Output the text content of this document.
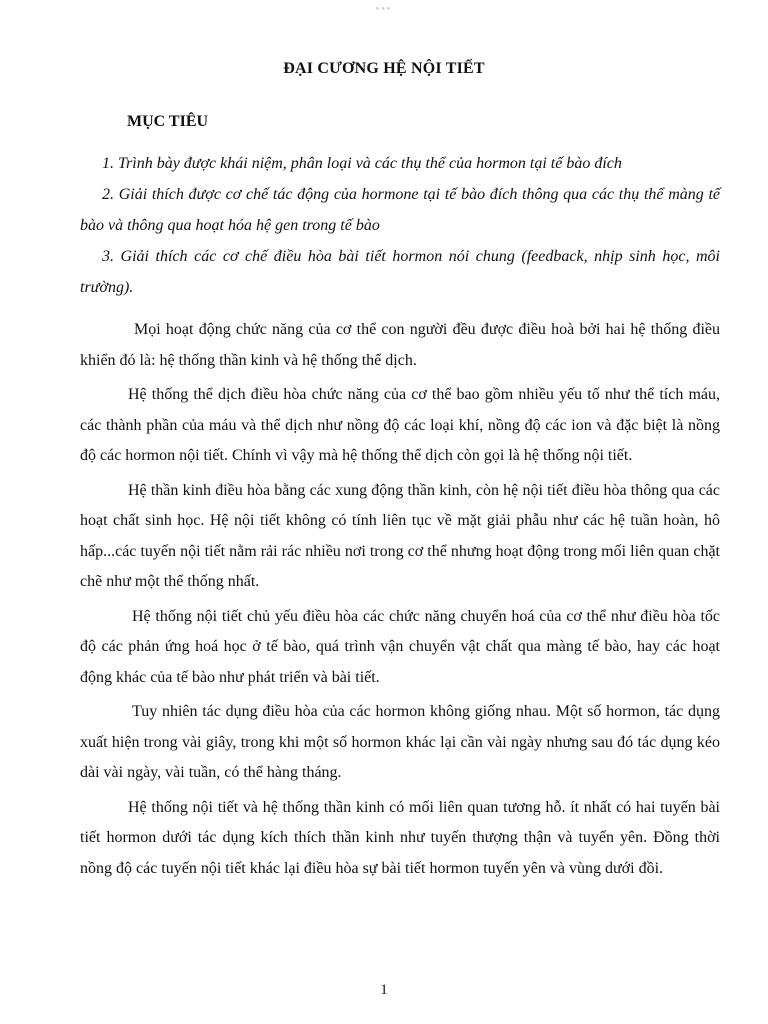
•••
ĐẠI CƯƠNG HỆ NỘI TIẾT
MỤC TIÊU

1. Trình bày được khái niệm, phân loại và các thụ thể của hormon tại tế bào đích

2. Giải thích được cơ chế tác động của hormone tại tế bào đích thông qua các thụ thể màng tế bào và thông qua hoạt hóa hệ gen trong tế bào

3. Giải thích các cơ chế điều hòa bài tiết hormon nói chung (feedback, nhịp sinh học, môi trường).

Mọi hoạt động chức năng của cơ thể con người đều được điều hoà bởi hai hệ thống điều khiển đó là: hệ thống thần kinh và hệ thống thể dịch.

Hệ thống thể dịch điều hòa chức năng của cơ thể bao gồm nhiều yếu tố như thể tích máu, các thành phần của máu và thể dịch như nồng độ các loại khí, nồng độ các ion và đặc biệt là nồng độ các hormon nội tiết. Chính vì vậy mà hệ thống thể dịch còn gọi là hệ thống nội tiết.

Hệ thần kinh điều hòa bằng các xung động thần kinh, còn hệ nội tiết điều hòa thông qua các hoạt chất sinh học. Hệ nội tiết không có tính liên tục về mặt giải phẫu như các hệ tuần hoàn, hô hấp...các tuyến nội tiết nằm rải rác nhiều nơi trong cơ thể nhưng hoạt động trong mối liên quan chặt chẽ như một thể thống nhất.

Hệ thống nội tiết chủ yếu điều hòa các chức năng chuyển hoá của cơ thể như điều hòa tốc độ các phản ứng hoá học ở tế bào, quá trình vận chuyển vật chất qua màng tế bào, hay các hoạt động khác của tế bào như phát triển và bài tiết.

Tuy nhiên tác dụng điều hòa của các hormon không giống nhau. Một số hormon, tác dụng xuất hiện trong vài giây, trong khi một số hormon khác lại cần vài ngày nhưng sau đó tác dụng kéo dài vài ngày, vài tuần, có thể hàng tháng.

Hệ thống nội tiết và hệ thống thần kinh có mối liên quan tương hỗ. ít nhất có hai tuyến bài tiết hormon dưới tác dụng kích thích thần kinh như tuyến thượng thận và tuyến yên. Đồng thời nồng độ các tuyến nội tiết khác lại điều hòa sự bài tiết hormon tuyến yên và vùng dưới đồi.

1
